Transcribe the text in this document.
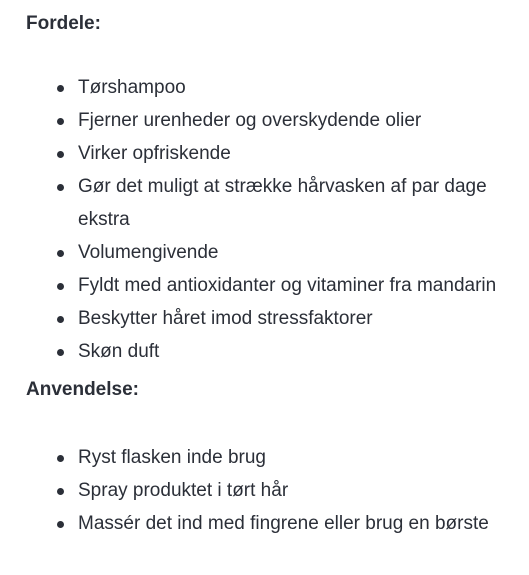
Fordele:
Tørshampoo
Fjerner urenheder og overskydende olier
Virker opfriskende
Gør det muligt at strække hårvasken af par dage ekstra
Volumengivende
Fyldt med antioxidanter og vitaminer fra mandarin
Beskytter håret imod stressfaktorer
Skøn duft
Anvendelse:
Ryst flasken inde brug
Spray produktet i tørt hår
Massér det ind med fingrene eller brug en børste
